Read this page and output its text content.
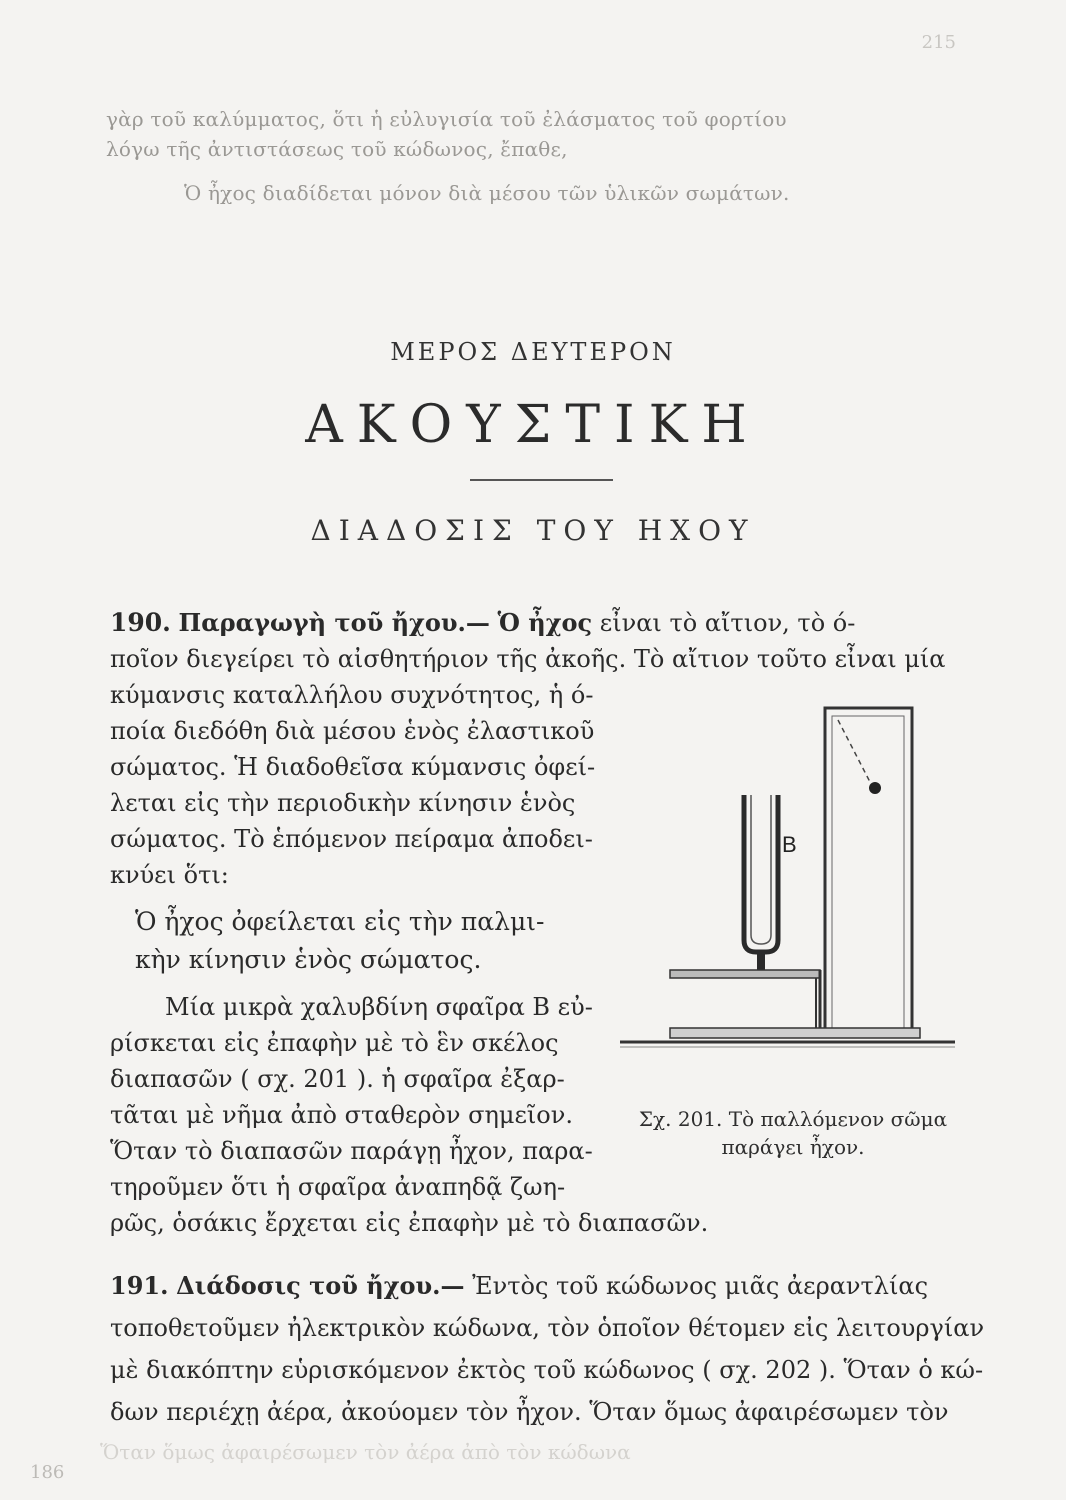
215
γὰρ τοῦ καλύμματος, ὅτι ἡ εὐλυγισία τοῦ ἐλάσματος τοῦ φορτίου
λόγω τῆς ἀντιστάσεως τοῦ κώδωνος, ἔπαθε,

Ὁ ἦχος διαδίδεται μόνον διὰ μέσου τῶν ὑλικῶν σωμάτων.
ΜΕΡΟΣ ΔΕΥΤΕΡΟΝ
ΑΚΟΥΣΤΙΚΗ
ΔΙΑΔΟΣΙΣ ΤΟΥ ΗΧΟΥ
190. Παραγωγὴ τοῦ ἤχου.— Ὁ ἦχος εἶναι τὸ αἴτιον, τὸ ό-
ποῖον διεγείρει τὸ αἰσθητήριον τῆς ἀκοῆς. Τὸ αἴτιον τοῦτο εἶναι μία
κύμανσις καταλλήλου συχνότητος, ἡ ό-
ποία διεδόθη διὰ μέσου ἑνὸς ἐλαστικοῦ
σώματος. Ἡ διαδοθεῖσα κύμανσις ὀφεί-
λεται εἰς τὴν περιοδικὴν κίνησιν ἑνὸς
σώματος. Τὸ ἑπόμενον πείραμα ἀποδει-
κνύει ὅτι:
Ὁ ἦχος ὀφείλεται εἰς τὴν παλμι-
κὴν κίνησιν ἑνὸς σώματος.
Μία μικρὰ χαλυβδίνη σφαῖρα Β εὐ-
ρίσκεται εἰς ἐπαφὴν μὲ τὸ ἓν σκέλος
διαπασῶν ( σχ. 201 ). ἡ σφαῖρα ἐξαρ-
τᾶται μὲ νῆμα ἀπὸ σταθερὸν σημεῖον.
Ὅταν τὸ διαπασῶν παράγῃ ἦχον, παρα-
τηροῦμεν ὅτι ἡ σφαῖρα ἀναπηδᾷ ζωη-
ρῶς, ὁσάκις ἔρχεται εἰς ἐπαφὴν μὲ τὸ διαπασῶν.
B
Σχ. 201. Τὸ παλλόμενον σῶμα
παράγει ἦχον.
191. Διάδοσις τοῦ ἤχου.— Ἐντὸς τοῦ κώδωνος μιᾶς ἀεραντλίας
τοποθετοῦμεν ἠλεκτρικὸν κώδωνα, τὸν ὁποῖον θέτομεν εἰς λειτουργίαν
μὲ διακόπτην εὑρισκόμενον ἐκτὸς τοῦ κώδωνος ( σχ. 202 ). Ὅταν ὁ κώ-
δων περιέχῃ ἀέρα, ἀκούομεν τὸν ἦχον. Ὅταν ὅμως ἀφαιρέσωμεν τὸν
Ὅταν ὅμως ἀφαιρέσωμεν τὸν ἀέρα ἀπὸ τὸν κώδωνα
186
